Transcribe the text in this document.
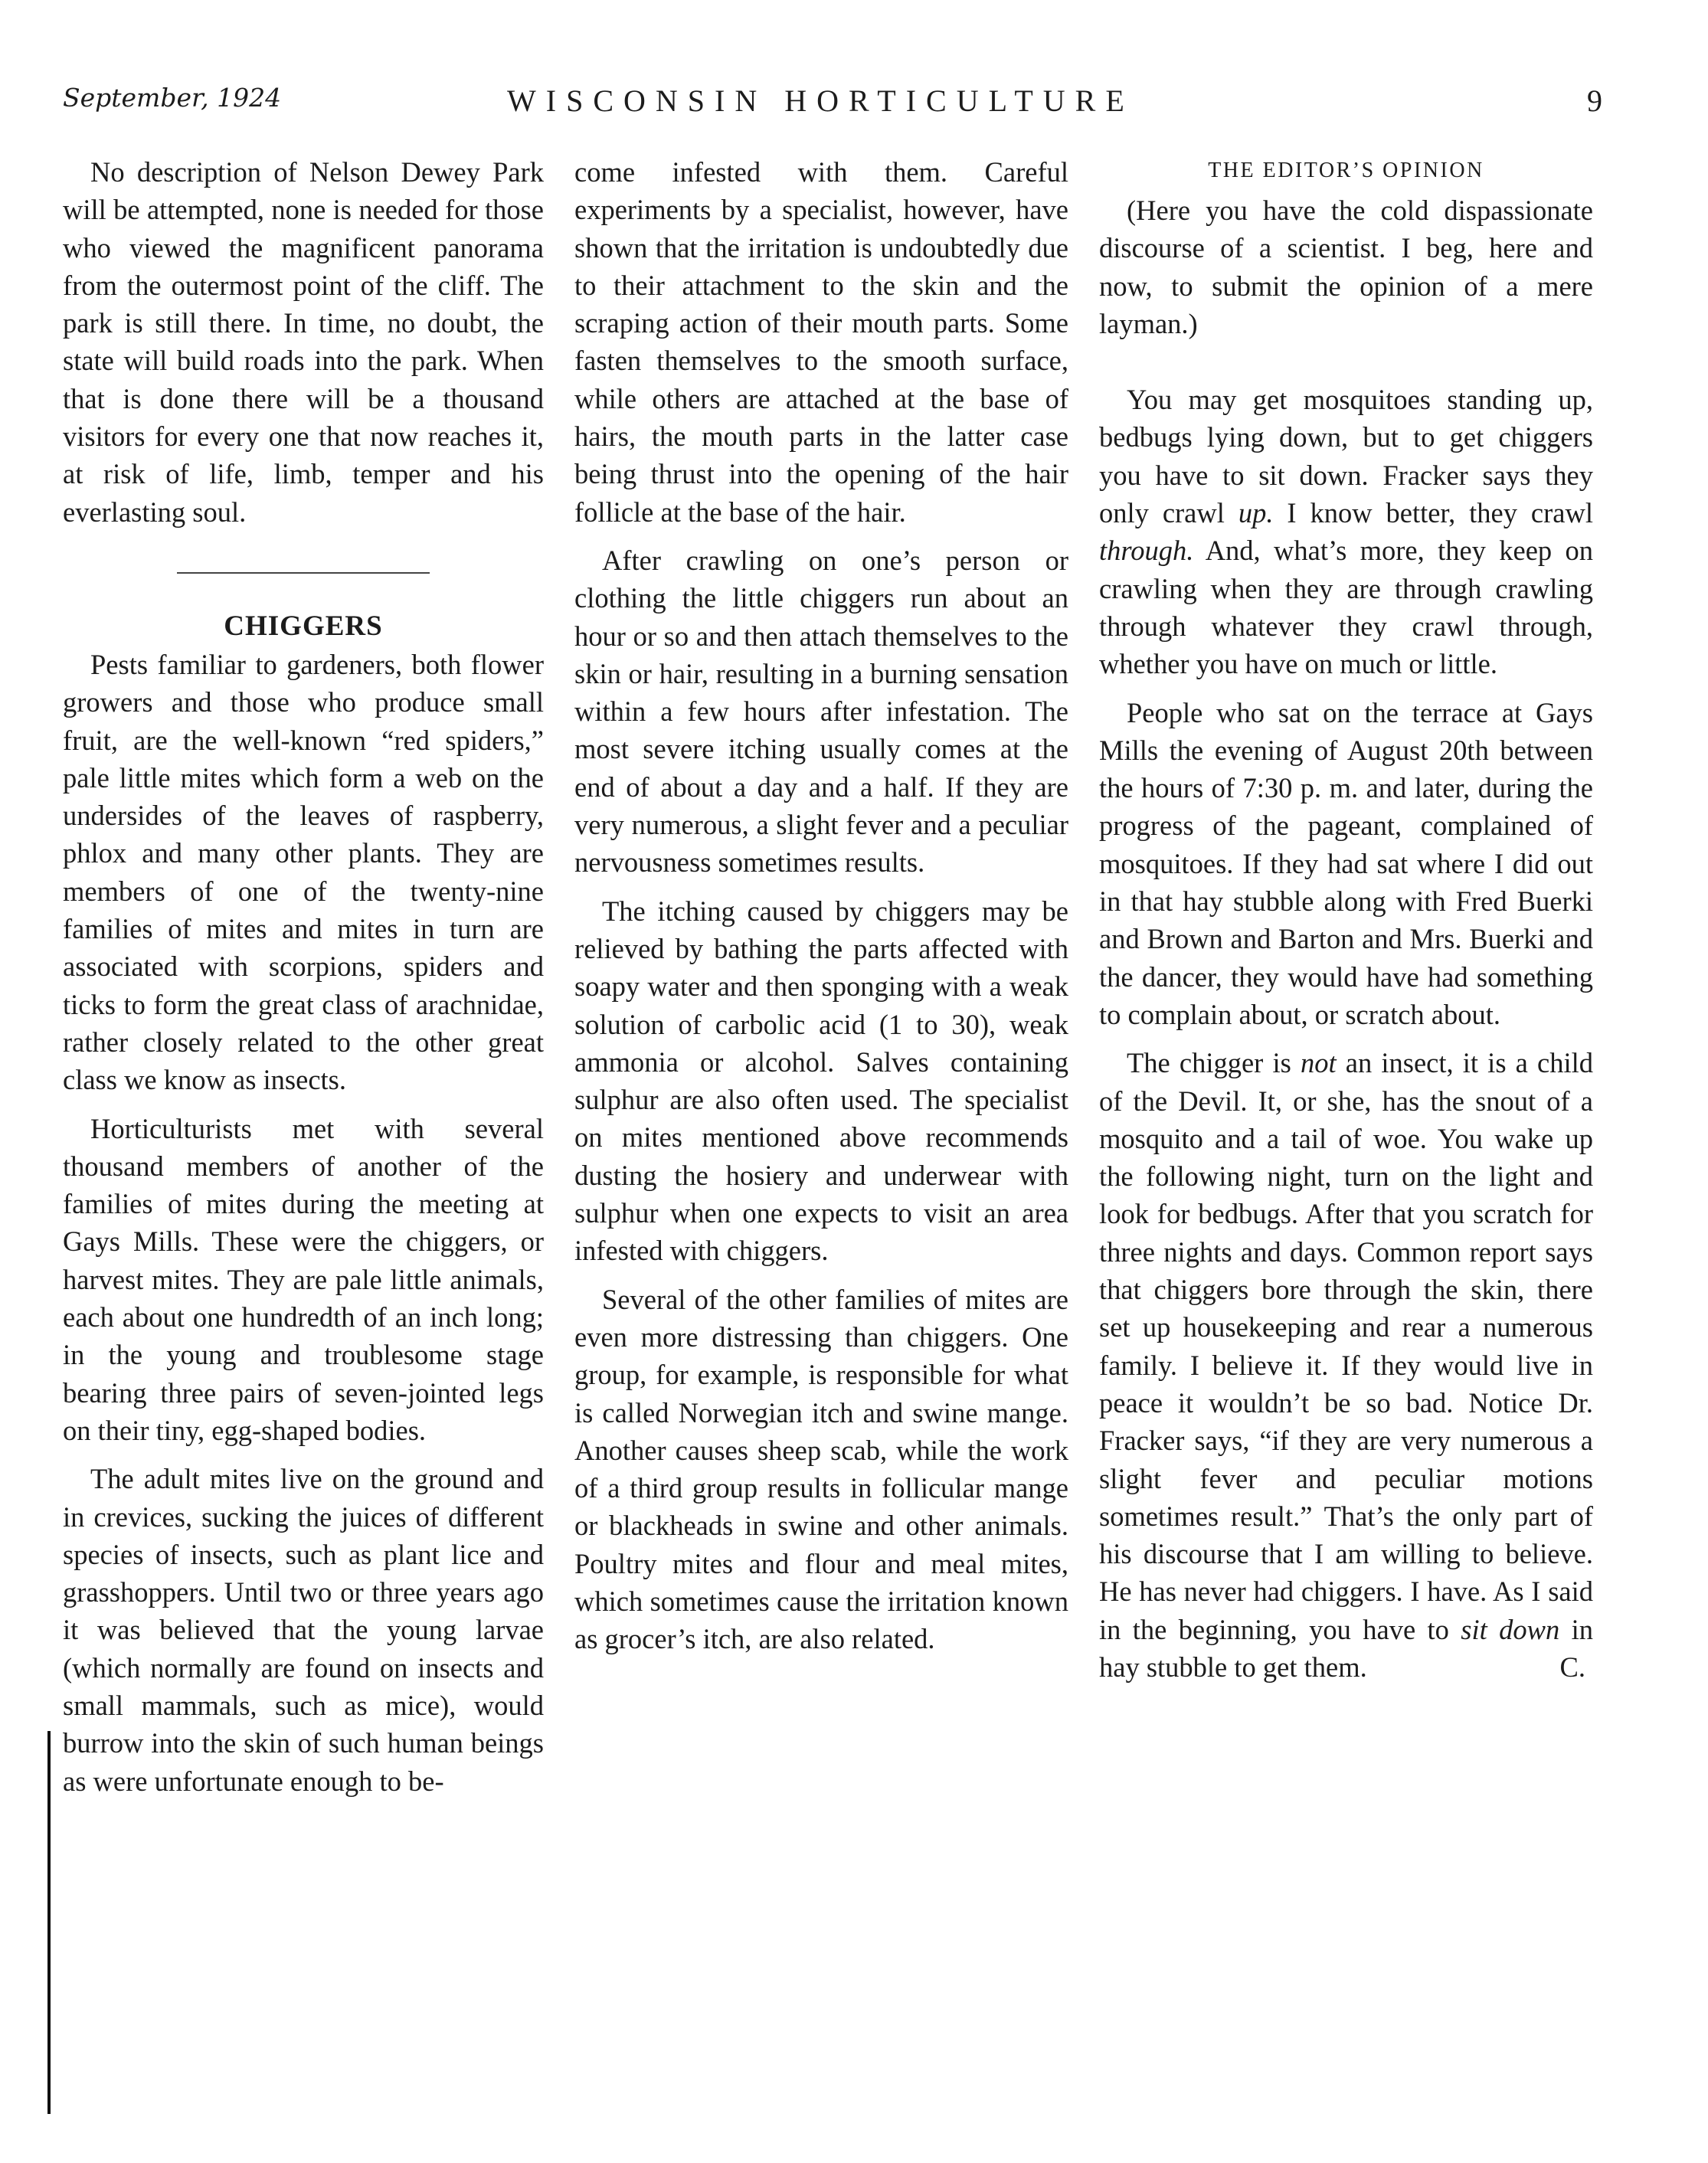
September, 1924	WISCONSIN HORTICULTURE	9

No description of Nelson Dewey Park will be attempted, none is needed for those who viewed the magnificent panorama from the outermost point of the cliff. The park is still there. In time, no doubt, the state will build roads into the park. When that is done there will be a thousand visitors for every one that now reaches it, at risk of life, limb, temper and his everlasting soul.

CHIGGERS

Pests familiar to gardeners, both flower growers and those who produce small fruit, are the well-known “red spiders,” pale little mites which form a web on the undersides of the leaves of raspberry, phlox and many other plants. They are members of one of the twenty-nine families of mites and mites in turn are associated with scorpions, spiders and ticks to form the great class of arachnidae, rather closely related to the other great class we know as insects.

Horticulturists met with several thousand members of another of the families of mites during the meeting at Gays Mills. These were the chiggers, or harvest mites. They are pale little animals, each about one hundredth of an inch long; in the young and troublesome stage bearing three pairs of seven-jointed legs on their tiny, egg-shaped bodies.

The adult mites live on the ground and in crevices, sucking the juices of different species of insects, such as plant lice and grasshoppers. Until two or three years ago it was believed that the young larvae (which normally are found on insects and small mammals, such as mice), would burrow into the skin of such human beings as were unfortunate enough to be-

come infested with them. Careful experiments by a specialist, however, have shown that the irritation is undoubtedly due to their attachment to the skin and the scraping action of their mouth parts. Some fasten themselves to the smooth surface, while others are attached at the base of hairs, the mouth parts in the latter case being thrust into the opening of the hair follicle at the base of the hair.

After crawling on one’s person or clothing the little chiggers run about an hour or so and then attach themselves to the skin or hair, resulting in a burning sensation within a few hours after infestation. The most severe itching usually comes at the end of about a day and a half. If they are very numerous, a slight fever and a peculiar nervousness sometimes results.

The itching caused by chiggers may be relieved by bathing the parts affected with soapy water and then sponging with a weak solution of carbolic acid (1 to 30), weak ammonia or alcohol. Salves containing sulphur are also often used. The specialist on mites mentioned above recommends dusting the hosiery and underwear with sulphur when one expects to visit an area infested with chiggers.

Several of the other families of mites are even more distressing than chiggers. One group, for example, is responsible for what is called Norwegian itch and swine mange. Another causes sheep scab, while the work of a third group results in follicular mange or blackheads in swine and other animals. Poultry mites and flour and meal mites, which sometimes cause the irritation known as grocer’s itch, are also related.

THE EDITOR’S OPINION

(Here you have the cold dispassionate discourse of a scientist. I beg, here and now, to submit the opinion of a mere layman.)

You may get mosquitoes standing up, bedbugs lying down, but to get chiggers you have to sit down. Fracker says they only crawl up. I know better, they crawl through. And, what’s more, they keep on crawling when they are through crawling through whatever they crawl through, whether you have on much or little.

People who sat on the terrace at Gays Mills the evening of August 20th between the hours of 7:30 p. m. and later, during the progress of the pageant, complained of mosquitoes. If they had sat where I did out in that hay stubble along with Fred Buerki and Brown and Barton and Mrs. Buerki and the dancer, they would have had something to complain about, or scratch about.

The chigger is not an insect, it is a child of the Devil. It, or she, has the snout of a mosquito and a tail of woe. You wake up the following night, turn on the light and look for bedbugs. After that you scratch for three nights and days. Common report says that chiggers bore through the skin, there set up housekeeping and rear a numerous family. I believe it. If they would live in peace it wouldn’t be so bad. Notice Dr. Fracker says, “if they are very numerous a slight fever and peculiar motions sometimes result.” That’s the only part of his discourse that I am willing to believe. He has never had chiggers. I have. As I said in the beginning, you have to sit down in hay stubble to get them.	C.
